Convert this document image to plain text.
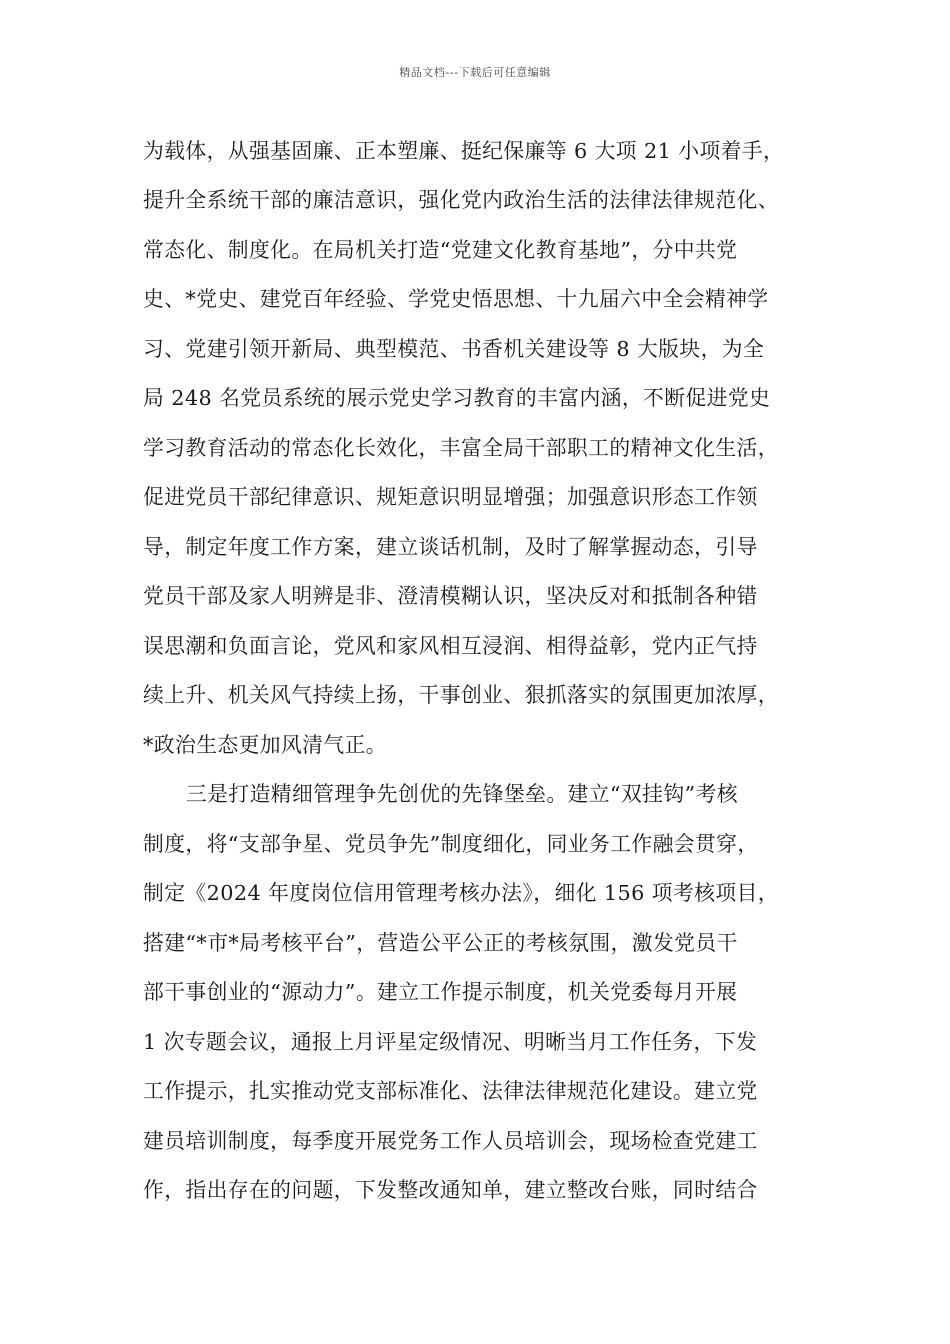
精品文档---下载后可任意编辑
为载体，从强基固廉、正本塑廉、挺纪保廉等 6 大项 21 小项着手，
提升全系统干部的廉洁意识，强化党内政治生活的法律法律规范化、
常态化、制度化。在局机关打造“党建文化教育基地”，分中共党
史、*党史、建党百年经验、学党史悟思想、十九届六中全会精神学
习、党建引领开新局、典型模范、书香机关建设等 8 大版块，为全
局 248 名党员系统的展示党史学习教育的丰富内涵，不断促进党史
学习教育活动的常态化长效化，丰富全局干部职工的精神文化生活，
促进党员干部纪律意识、规矩意识明显增强；加强意识形态工作领
导，制定年度工作方案，建立谈话机制，及时了解掌握动态，引导
党员干部及家人明辨是非、澄清模糊认识，坚决反对和抵制各种错
误思潮和负面言论，党风和家风相互浸润、相得益彰，党内正气持
续上升、机关风气持续上扬，干事创业、狠抓落实的氛围更加浓厚，
*政治生态更加风清气正。
三是打造精细管理争先创优的先锋堡垒。建立“双挂钩”考核
制度，将“支部争星、党员争先”制度细化，同业务工作融会贯穿，
制定《2024 年度岗位信用管理考核办法》，细化 156 项考核项目，
搭建“*市*局考核平台”，营造公平公正的考核氛围，激发党员干
部干事创业的“源动力”。建立工作提示制度，机关党委每月开展
1 次专题会议，通报上月评星定级情况、明晰当月工作任务，下发
工作提示，扎实推动党支部标准化、法律法律规范化建设。建立党
建员培训制度，每季度开展党务工作人员培训会，现场检查党建工
作，指出存在的问题，下发整改通知单，建立整改台账，同时结合
